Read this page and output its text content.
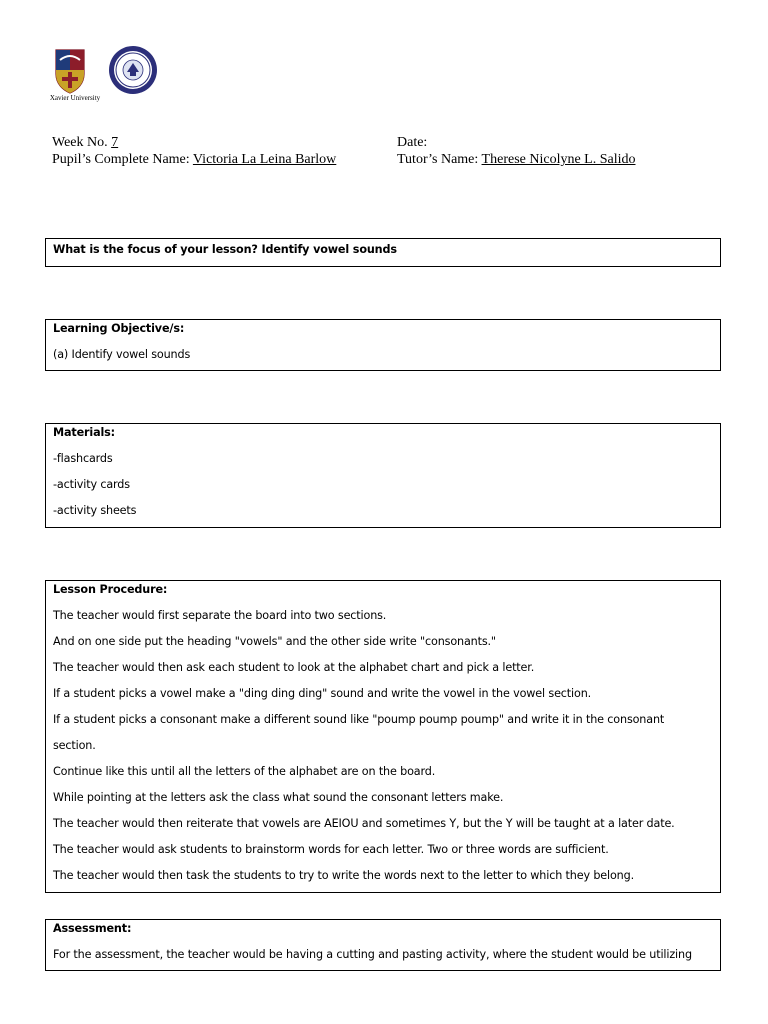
Xavier University
Week No. 7
Pupil’s Complete Name: Victoria La Leina Barlow
Date:
Tutor’s Name: Therese Nicolyne L. Salido
What is the focus of your lesson? Identify vowel sounds
Learning Objective/s:
(a) Identify vowel sounds
Materials:
-flashcards
-activity cards
-activity sheets
Lesson Procedure:
The teacher would first separate the board into two sections.
And on one side put the heading "vowels" and the other side write "consonants."
The teacher would then ask each student to look at the alphabet chart and pick a letter.
If a student picks a vowel make a "ding ding ding" sound and write the vowel in the vowel section.
If a student picks a consonant make a different sound like "poump poump poump" and write it in the consonant
section.
Continue like this until all the letters of the alphabet are on the board.
While pointing at the letters ask the class what sound the consonant letters make.
The teacher would then reiterate that vowels are AEIOU and sometimes Y, but the Y will be taught at a later date.
The teacher would ask students to brainstorm words for each letter. Two or three words are sufficient.
The teacher would then task the students to try to write the words next to the letter to which they belong.
Assessment:
For the assessment, the teacher would be having a cutting and pasting activity, where the student would be utilizing
